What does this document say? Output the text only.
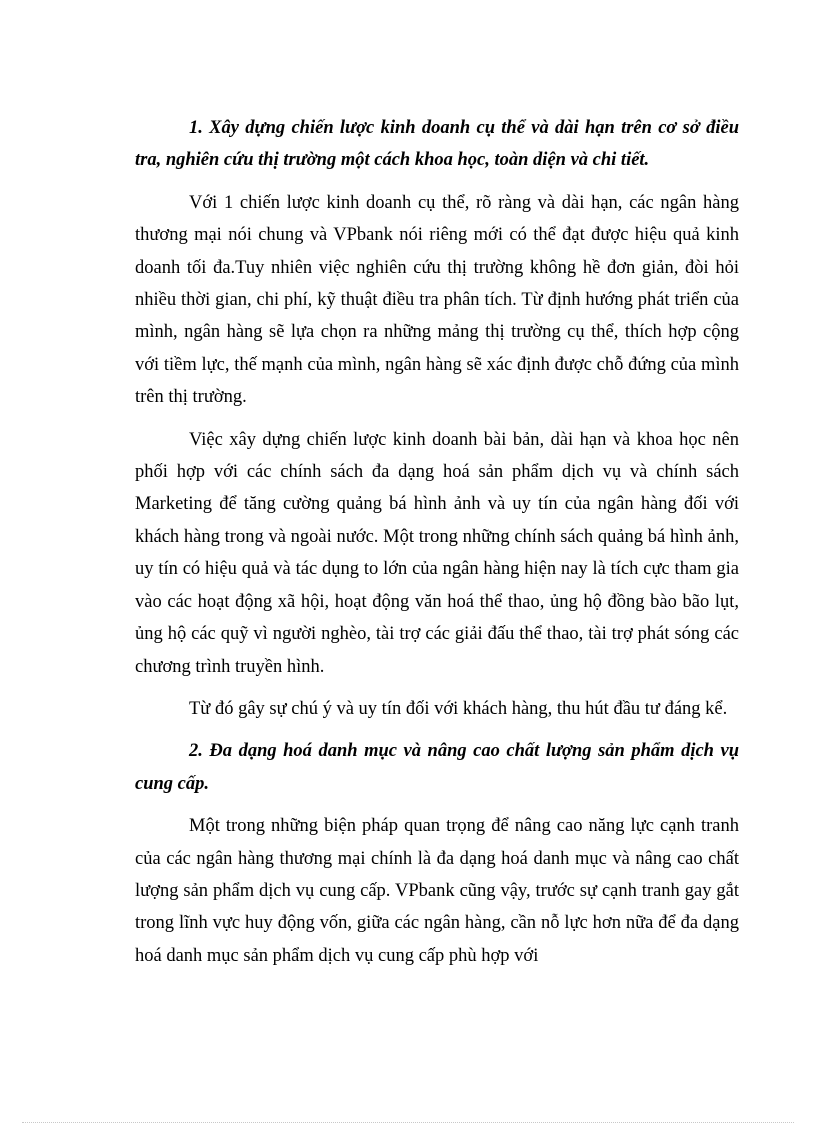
1. Xây dựng chiến lược kinh doanh cụ thể và dài hạn trên cơ sở điều tra, nghiên cứu thị trường một cách khoa học, toàn diện và chi tiết.

Với 1 chiến lược kinh doanh cụ thể, rõ ràng và dài hạn, các ngân hàng thương mại nói chung và VPbank nói riêng mới có thể đạt được hiệu quả kinh doanh tối đa.Tuy nhiên việc nghiên cứu thị trường không hề đơn giản, đòi hỏi nhiều thời gian, chi phí, kỹ thuật điều tra phân tích. Từ định hướng phát triển của mình, ngân hàng sẽ lựa chọn ra những mảng thị trường cụ thể, thích hợp cộng với tiềm lực, thế mạnh của mình, ngân hàng sẽ xác định được chỗ đứng của mình trên thị trường.

Việc xây dựng chiến lược kinh doanh bài bản, dài hạn và khoa học nên phối hợp với các chính sách đa dạng hoá sản phẩm dịch vụ và chính sách Marketing để tăng cường quảng bá hình ảnh và uy tín của ngân hàng đối với khách hàng trong và ngoài nước. Một trong những chính sách quảng bá hình ảnh, uy tín có hiệu quả và tác dụng to lớn của ngân hàng hiện nay là tích cực tham gia vào các hoạt động xã hội, hoạt động văn hoá thể thao, ủng hộ đồng bào bão lụt, ủng hộ các quỹ vì người nghèo, tài trợ các giải đấu thể thao, tài trợ phát sóng các chương trình truyền hình.

Từ đó gây sự chú ý và uy tín đối với khách hàng, thu hút đầu tư đáng kể.

2. Đa dạng hoá danh mục và nâng cao chất lượng sản phẩm dịch vụ cung cấp.

Một trong những biện pháp quan trọng để nâng cao năng lực cạnh tranh của các ngân hàng thương mại chính là đa dạng hoá danh mục và nâng cao chất lượng sản phẩm dịch vụ cung cấp. VPbank cũng vậy, trước sự cạnh tranh gay gắt trong lĩnh vực huy động vốn, giữa các ngân hàng, cần nỗ lực hơn nữa để đa dạng hoá danh mục sản phẩm dịch vụ cung cấp phù hợp với
